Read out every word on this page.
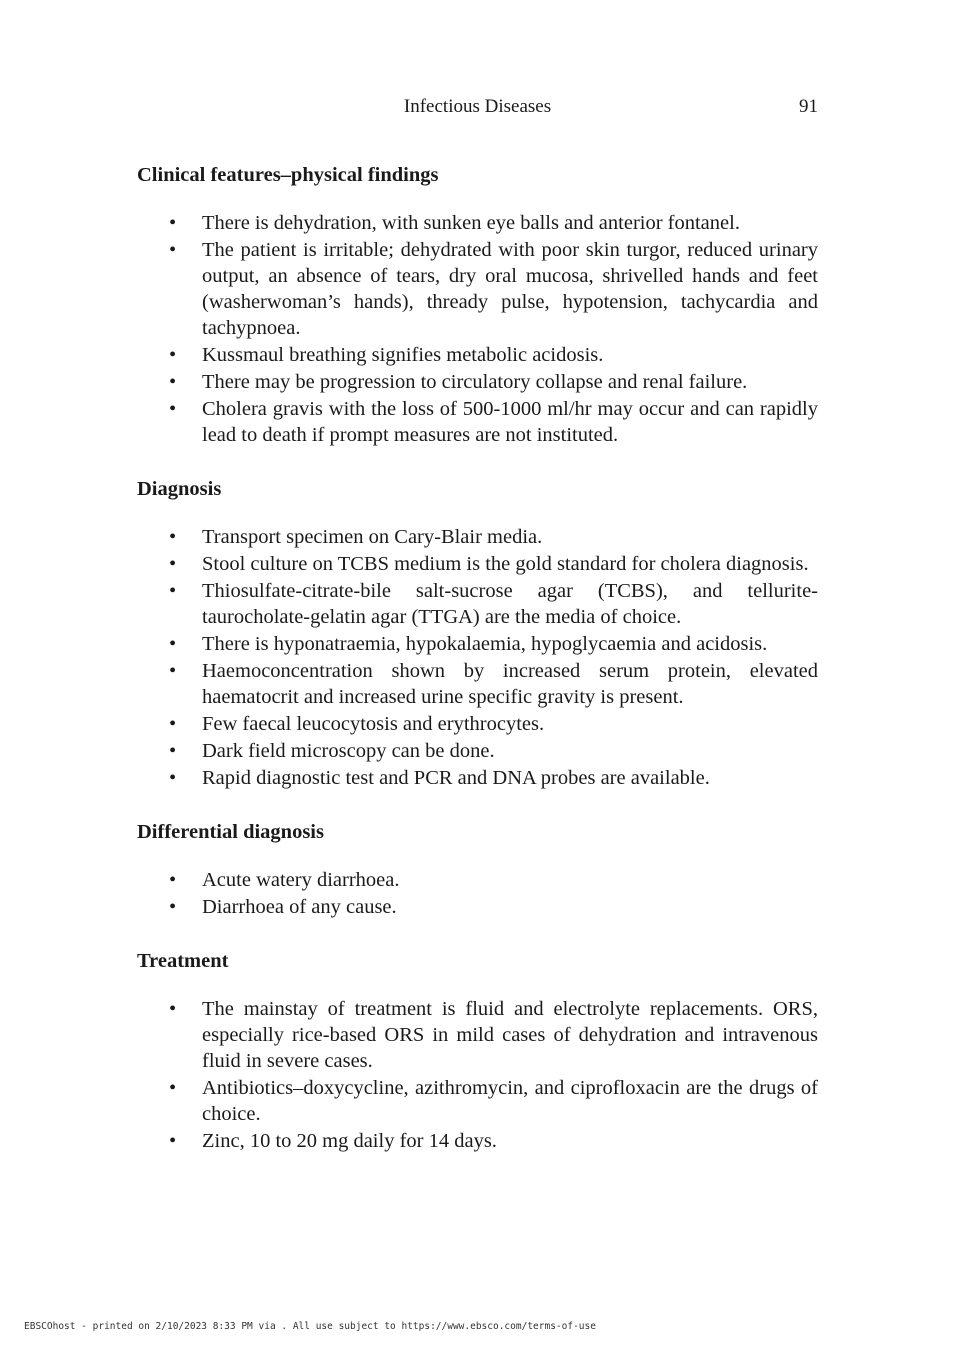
Infectious Diseases	91
Clinical features–physical findings
• There is dehydration, with sunken eye balls and anterior fontanel.
• The patient is irritable; dehydrated with poor skin turgor, reduced urinary output, an absence of tears, dry oral mucosa, shrivelled hands and feet (washerwoman’s hands), thready pulse, hypotension, tachycardia and tachypnoea.
• Kussmaul breathing signifies metabolic acidosis.
• There may be progression to circulatory collapse and renal failure.
• Cholera gravis with the loss of 500-1000 ml/hr may occur and can rapidly lead to death if prompt measures are not instituted.
Diagnosis
• Transport specimen on Cary-Blair media.
• Stool culture on TCBS medium is the gold standard for cholera diagnosis.
• Thiosulfate-citrate-bile salt-sucrose agar (TCBS), and tellurite-taurocholate-gelatin agar (TTGA) are the media of choice.
• There is hyponatraemia, hypokalaemia, hypoglycaemia and acidosis.
• Haemoconcentration shown by increased serum protein, elevated haematocrit and increased urine specific gravity is present.
• Few faecal leucocytosis and erythrocytes.
• Dark field microscopy can be done.
• Rapid diagnostic test and PCR and DNA probes are available.
Differential diagnosis
• Acute watery diarrhoea.
• Diarrhoea of any cause.
Treatment
• The mainstay of treatment is fluid and electrolyte replacements. ORS, especially rice-based ORS in mild cases of dehydration and intravenous fluid in severe cases.
• Antibiotics–doxycycline, azithromycin, and ciprofloxacin are the drugs of choice.
• Zinc, 10 to 20 mg daily for 14 days.
EBSCOhost - printed on 2/10/2023 8:33 PM via . All use subject to https://www.ebsco.com/terms-of-use
